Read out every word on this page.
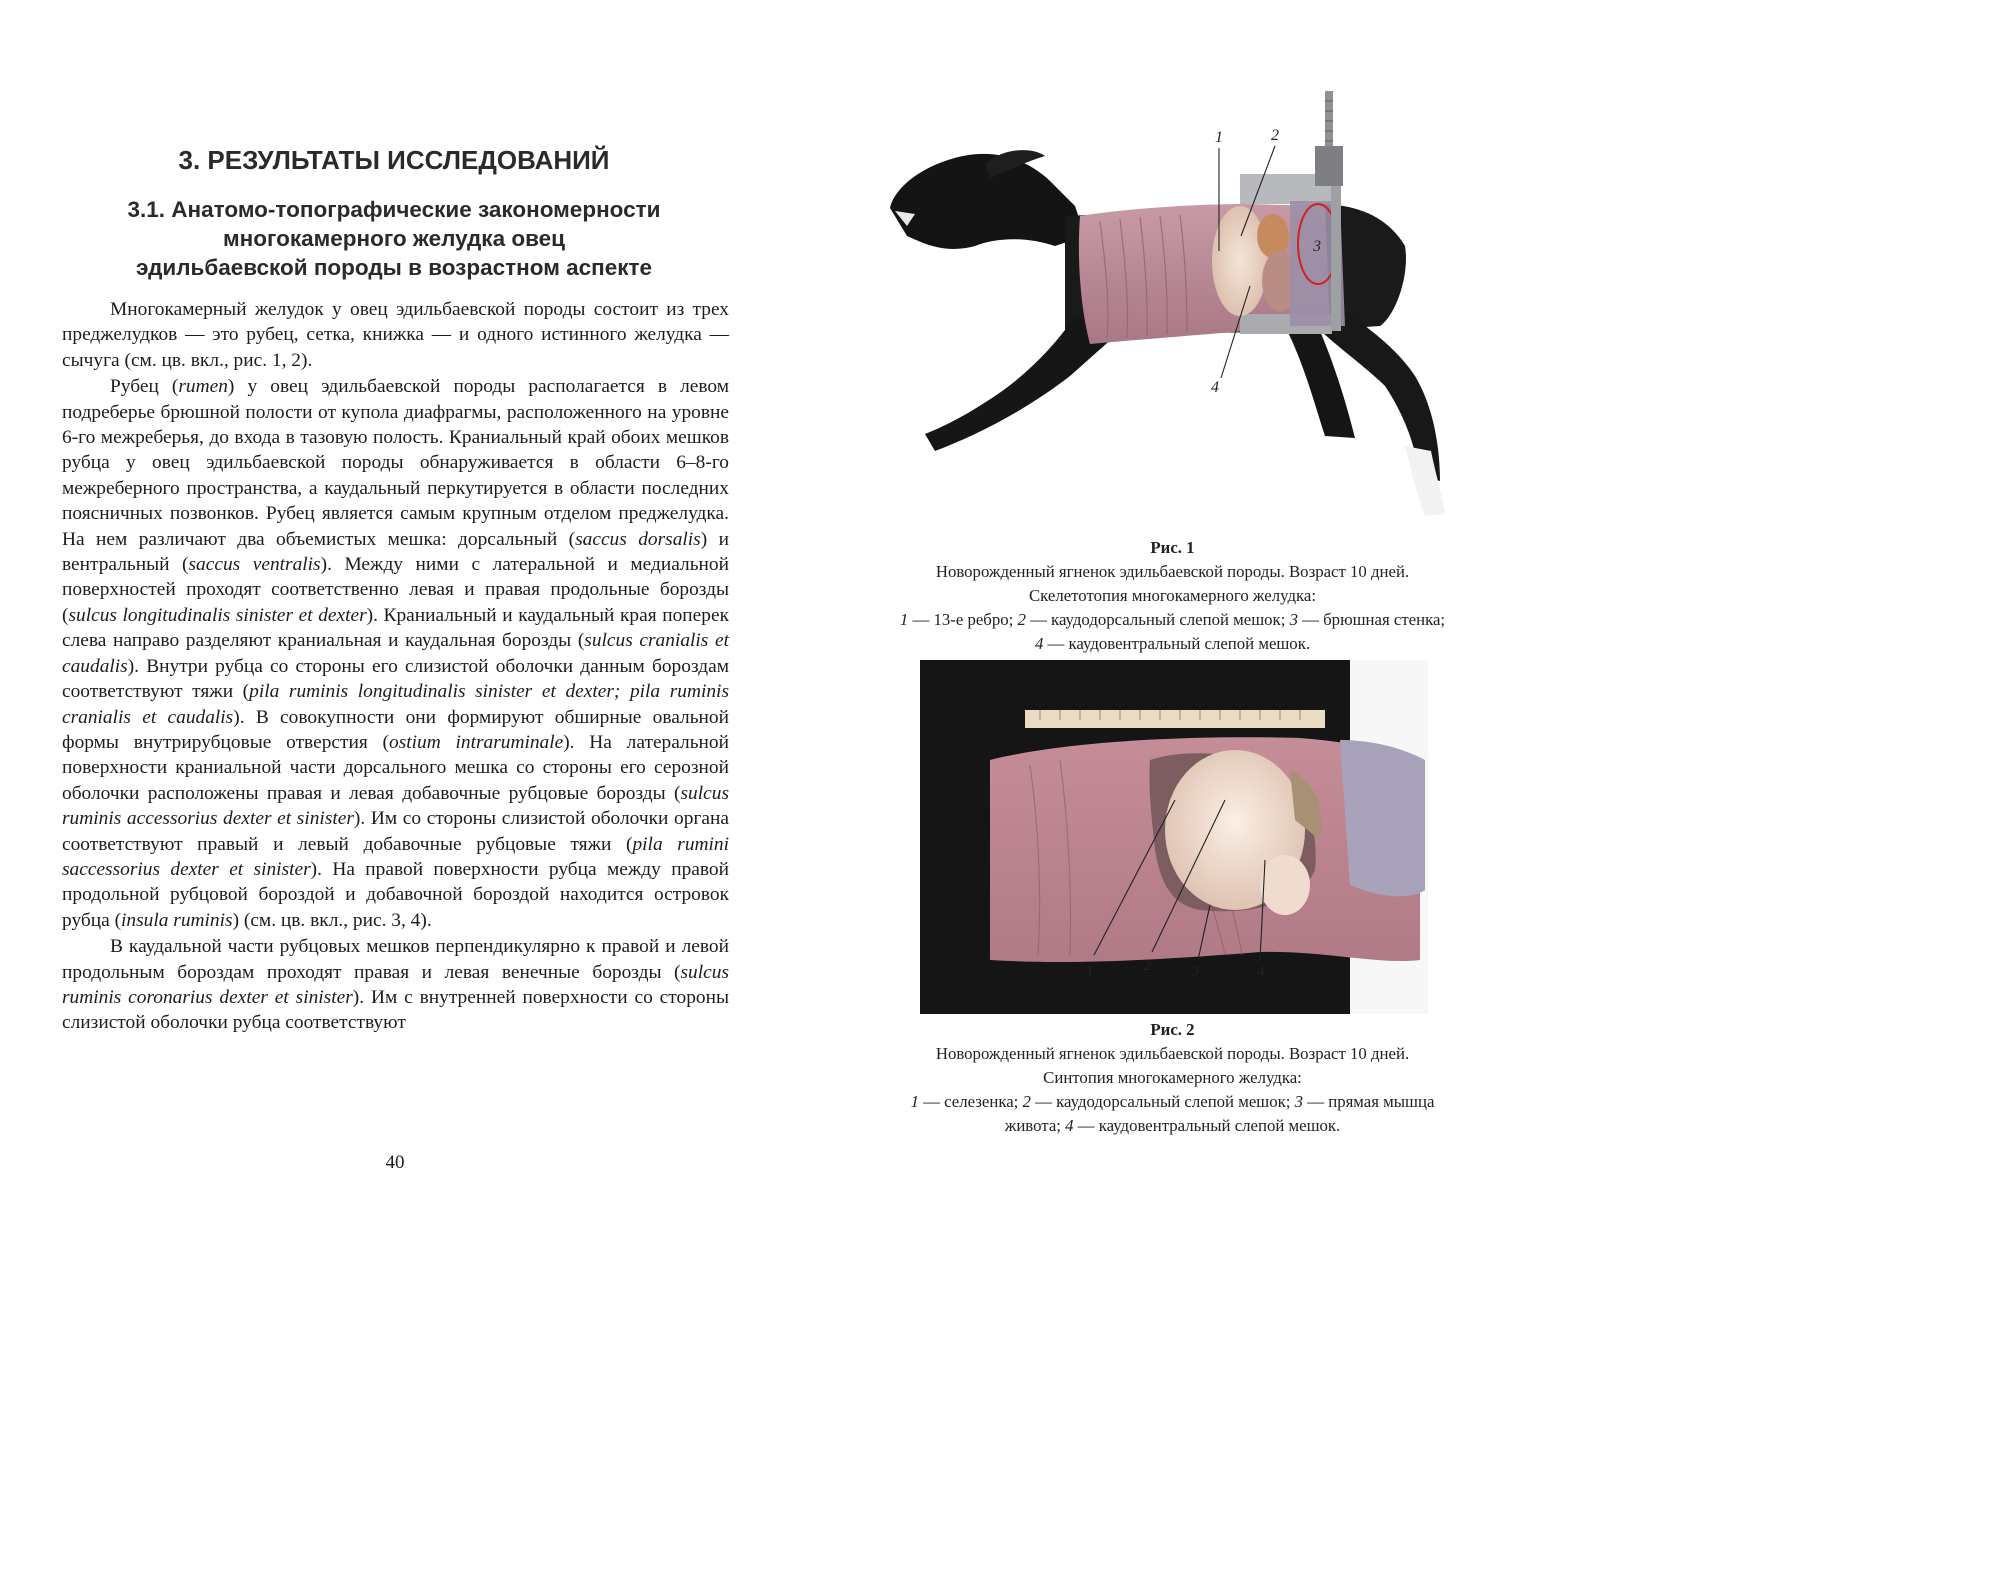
3. РЕЗУЛЬТАТЫ ИССЛЕДОВАНИЙ
3.1. Анатомо-топографические закономерности
многокамерного желудка овец
эдильбаевской породы в возрастном аспекте

Многокамерный желудок у овец эдильбаевской породы состоит из трех преджелудков — это рубец, сетка, книжка — и одного истинного желудка — сычуга (см. цв. вкл., рис. 1, 2).

Рубец (rumen) у овец эдильбаевской породы располагается в левом подреберье брюшной полости от купола диафрагмы, расположенного на уровне 6-го межреберья, до входа в тазовую полость. Краниальный край обоих мешков рубца у овец эдильбаевской породы обнаруживается в области 6–8-го межреберного пространства, а каудальный перкутируется в области последних поясничных позвонков. Рубец является самым крупным отделом преджелудка. На нем различают два объемистых мешка: дорсальный (saccus dorsalis) и вентральный (saccus ventralis). Между ними с латеральной и медиальной поверхностей проходят соответственно левая и правая продольные борозды (sulcus longitudinalis sinister et dexter). Краниальный и каудальный края поперек слева направо разделяют краниальная и каудальная борозды (sulcus cranialis et caudalis). Внутри рубца со стороны его слизистой оболочки данным бороздам соответствуют тяжи (pila ruminis longitudinalis sinister et dexter; pila ruminis cranialis et caudalis). В совокупности они формируют обширные овальной формы внутрирубцовые отверстия (ostium intraruminale). На латеральной поверхности краниальной части дорсального мешка со стороны его серозной оболочки расположены правая и левая добавочные рубцовые борозды (sulcus ruminis accessorius dexter et sinister). Им со стороны слизистой оболочки органа соответствуют правый и левый добавочные рубцовые тяжи (pila rumini saccessorius dexter et sinister). На правой поверхности рубца между правой продольной рубцовой бороздой и добавочной бороздой находится островок рубца (insula ruminis) (см. цв. вкл., рис. 3, 4).

В каудальной части рубцовых мешков перпендикулярно к правой и левой продольным бороздам проходят правая и левая венечные борозды (sulcus ruminis coronarius dexter et sinister). Им с внутренней поверхности со стороны слизистой оболочки рубца соответствуют

40
1	2
3
4
Рис. 1
Новорожденный ягненок эдильбаевской породы. Возраст 10 дней.
Скелетотопия многокамерного желудка:
1 — 13-е ребро; 2 — каудодорсальный слепой мешок; 3 — брюшная стенка;
4 — каудовентральный слепой мешок.
1	2	3	4
Рис. 2
Новорожденный ягненок эдильбаевской породы. Возраст 10 дней.
Синтопия многокамерного желудка:
1 — селезенка; 2 — каудодорсальный слепой мешок; 3 — прямая мышца
живота; 4 — каудовентральный слепой мешок.
